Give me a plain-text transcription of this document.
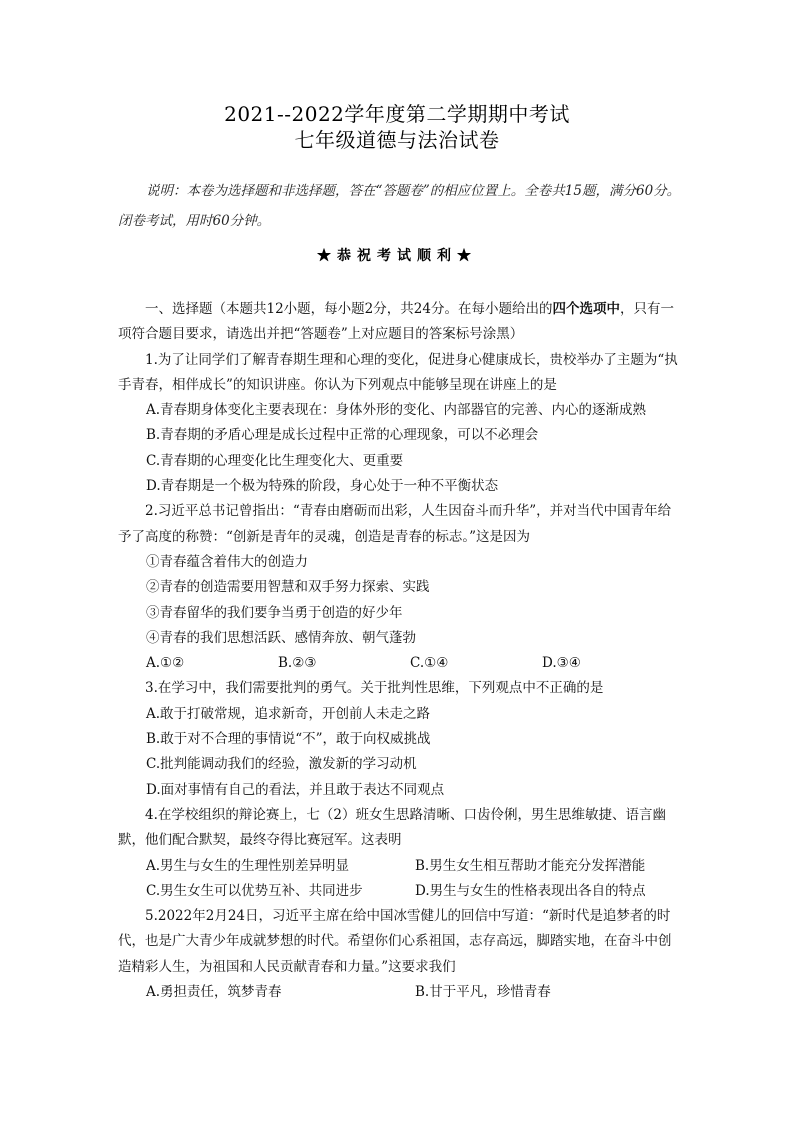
2021--2022学年度第二学期期中考试
七年级道德与法治试卷
说明：本卷为选择题和非选择题，答在“答题卷”的相应位置上。全卷共15题，满分60分。闭卷考试，用时60分钟。
★恭祝考试顺利★

一、选择题（本题共12小题，每小题2分，共24分。在每小题给出的四个选项中，只有一项符合题目要求，请选出并把“答题卷”上对应题目的答案标号涂黑）

1.为了让同学们了解青春期生理和心理的变化，促进身心健康成长，贵校举办了主题为“执手青春，相伴成长”的知识讲座。你认为下列观点中能够呈现在讲座上的是

A.青春期身体变化主要表现在：身体外形的变化、内部器官的完善、内心的逐渐成熟
B.青春期的矛盾心理是成长过程中正常的心理现象，可以不必理会
C.青春期的心理变化比生理变化大、更重要
D.青春期是一个极为特殊的阶段，身心处于一种不平衡状态

2.习近平总书记曾指出：“青春由磨砺而出彩，人生因奋斗而升华”，并对当代中国青年给予了高度的称赞：“创新是青年的灵魂，创造是青春的标志。”这是因为

①青春蕴含着伟大的创造力
②青春的创造需要用智慧和双手努力探索、实践
③青春留华的我们要争当勇于创造的好少年
④青春的我们思想活跃、感情奔放、朝气蓬勃
A.①②	B.②③	C.①④	D.③④

3.在学习中，我们需要批判的勇气。关于批判性思维，下列观点中不正确的是

A.敢于打破常规，追求新奇，开创前人未走之路
B.敢于对不合理的事情说“不”，敢于向权威挑战
C.批判能调动我们的经验，激发新的学习动机
D.面对事情有自己的看法，并且敢于表达不同观点

4.在学校组织的辩论赛上，七（2）班女生思路清晰、口齿伶俐，男生思维敏捷、语言幽默，他们配合默契，最终夺得比赛冠军。这表明

A.男生与女生的生理性别差异明显	B.男生女生相互帮助才能充分发挥潜能
C.男生女生可以优势互补、共同进步	D.男生与女生的性格表现出各自的特点

5.2022年2月24日，习近平主席在给中国冰雪健儿的回信中写道：“新时代是追梦者的时代，也是广大青少年成就梦想的时代。希望你们心系祖国，志存高远，脚踏实地，在奋斗中创造精彩人生，为祖国和人民贡献青春和力量。”这要求我们

A.勇担责任，筑梦青春	B.甘于平凡，珍惜青春
